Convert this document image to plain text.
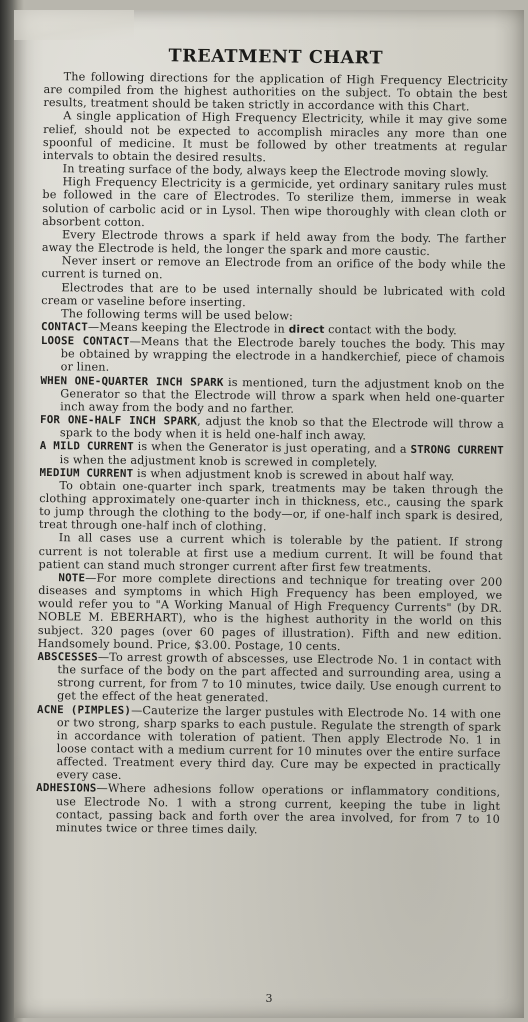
TREATMENT CHART

The following directions for the application of High Frequency Electricity are compiled from the highest authorities on the subject. To obtain the best results, treatment should be taken strictly in accordance with this Chart.

A single application of High Frequency Electricity, while it may give some relief, should not be expected to accomplish miracles any more than one spoonful of medicine. It must be followed by other treatments at regular intervals to obtain the desired results.

In treating surface of the body, always keep the Electrode moving slowly.

High Frequency Electricity is a germicide, yet ordinary sanitary rules must be followed in the care of Electrodes. To sterilize them, immerse in weak solution of carbolic acid or in Lysol. Then wipe thoroughly with clean cloth or absorbent cotton.

Every Electrode throws a spark if held away from the body. The farther away the Electrode is held, the longer the spark and more caustic.

Never insert or remove an Electrode from an orifice of the body while the current is turned on.

Electrodes that are to be used internally should be lubricated with cold cream or vaseline before inserting.

The following terms will be used below:

CONTACT—Means keeping the Electrode in direct contact with the body.

LOOSE CONTACT—Means that the Electrode barely touches the body. This may be obtained by wrapping the electrode in a handkerchief, piece of chamois or linen.

WHEN ONE-QUARTER INCH SPARK is mentioned, turn the adjustment knob on the Generator so that the Electrode will throw a spark when held one-quarter inch away from the body and no farther.

FOR ONE-HALF INCH SPARK, adjust the knob so that the Electrode will throw a spark to the body when it is held one-half inch away.

A MILD CURRENT is when the Generator is just operating, and a STRONG CURRENT is when the adjustment knob is screwed in completely.

MEDIUM CURRENT is when adjustment knob is screwed in about half way.

To obtain one-quarter inch spark, treatments may be taken through the clothing approximately one-quarter inch in thickness, etc., causing the spark to jump through the clothing to the body—or, if one-half inch spark is desired, treat through one-half inch of clothing.

In all cases use a current which is tolerable by the patient. If strong current is not tolerable at first use a medium current. It will be found that patient can stand much stronger current after first few treatments.

NOTE—For more complete directions and technique for treating over 200 diseases and symptoms in which High Frequency has been employed, we would refer you to "A Working Manual of High Frequency Currents" (by DR. NOBLE M. EBERHART), who is the highest authority in the world on this subject. 320 pages (over 60 pages of illustration). Fifth and new edition. Handsomely bound. Price, $3.00. Postage, 10 cents.

ABSCESSES—To arrest growth of abscesses, use Electrode No. 1 in contact with the surface of the body on the part affected and surrounding area, using a strong current, for from 7 to 10 minutes, twice daily. Use enough current to get the effect of the heat generated.

ACNE (PIMPLES)—Cauterize the larger pustules with Electrode No. 14 with one or two strong, sharp sparks to each pustule. Regulate the strength of spark in accordance with toleration of patient. Then apply Electrode No. 1 in loose contact with a medium current for 10 minutes over the entire surface affected. Treatment every third day. Cure may be expected in practically every case.

ADHESIONS—Where adhesions follow operations or inflammatory conditions, use Electrode No. 1 with a strong current, keeping the tube in light contact, passing back and forth over the area involved, for from 7 to 10 minutes twice or three times daily.

3
